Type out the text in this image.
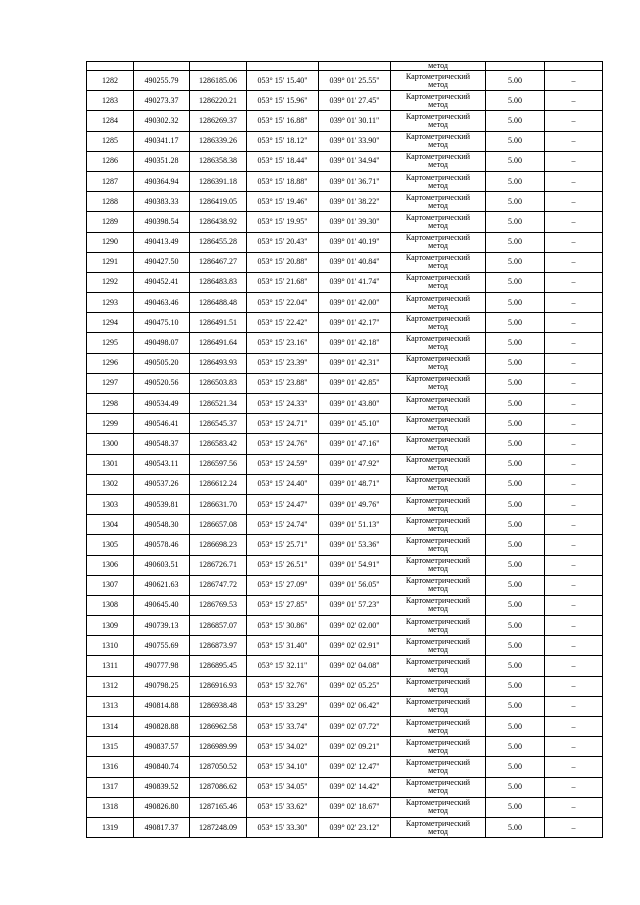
					метод		
1282	490255.79	1286185.06	053° 15' 15.40"	039° 01' 25.55"	Картометрический
метод	5.00	–
1283	490273.37	1286220.21	053° 15' 15.96"	039° 01' 27.45"	Картометрический
метод	5.00	–
1284	490302.32	1286269.37	053° 15' 16.88"	039° 01' 30.11"	Картометрический
метод	5.00	–
1285	490341.17	1286339.26	053° 15' 18.12"	039° 01' 33.90"	Картометрический
метод	5.00	–
1286	490351.28	1286358.38	053° 15' 18.44"	039° 01' 34.94"	Картометрический
метод	5.00	–
1287	490364.94	1286391.18	053° 15' 18.88"	039° 01' 36.71"	Картометрический
метод	5.00	–
1288	490383.33	1286419.05	053° 15' 19.46"	039° 01' 38.22"	Картометрический
метод	5.00	–
1289	490398.54	1286438.92	053° 15' 19.95"	039° 01' 39.30"	Картометрический
метод	5.00	–
1290	490413.49	1286455.28	053° 15' 20.43"	039° 01' 40.19"	Картометрический
метод	5.00	–
1291	490427.50	1286467.27	053° 15' 20.88"	039° 01' 40.84"	Картометрический
метод	5.00	–
1292	490452.41	1286483.83	053° 15' 21.68"	039° 01' 41.74"	Картометрический
метод	5.00	–
1293	490463.46	1286488.48	053° 15' 22.04"	039° 01' 42.00"	Картометрический
метод	5.00	–
1294	490475.10	1286491.51	053° 15' 22.42"	039° 01' 42.17"	Картометрический
метод	5.00	–
1295	490498.07	1286491.64	053° 15' 23.16"	039° 01' 42.18"	Картометрический
метод	5.00	–
1296	490505.20	1286493.93	053° 15' 23.39"	039° 01' 42.31"	Картометрический
метод	5.00	–
1297	490520.56	1286503.83	053° 15' 23.88"	039° 01' 42.85"	Картометрический
метод	5.00	–
1298	490534.49	1286521.34	053° 15' 24.33"	039° 01' 43.80"	Картометрический
метод	5.00	–
1299	490546.41	1286545.37	053° 15' 24.71"	039° 01' 45.10"	Картометрический
метод	5.00	–
1300	490548.37	1286583.42	053° 15' 24.76"	039° 01' 47.16"	Картометрический
метод	5.00	–
1301	490543.11	1286597.56	053° 15' 24.59"	039° 01' 47.92"	Картометрический
метод	5.00	–
1302	490537.26	1286612.24	053° 15' 24.40"	039° 01' 48.71"	Картометрический
метод	5.00	–
1303	490539.81	1286631.70	053° 15' 24.47"	039° 01' 49.76"	Картометрический
метод	5.00	–
1304	490548.30	1286657.08	053° 15' 24.74"	039° 01' 51.13"	Картометрический
метод	5.00	–
1305	490578.46	1286698.23	053° 15' 25.71"	039° 01' 53.36"	Картометрический
метод	5.00	–
1306	490603.51	1286726.71	053° 15' 26.51"	039° 01' 54.91"	Картометрический
метод	5.00	–
1307	490621.63	1286747.72	053° 15' 27.09"	039° 01' 56.05"	Картометрический
метод	5.00	–
1308	490645.40	1286769.53	053° 15' 27.85"	039° 01' 57.23"	Картометрический
метод	5.00	–
1309	490739.13	1286857.07	053° 15' 30.86"	039° 02' 02.00"	Картометрический
метод	5.00	–
1310	490755.69	1286873.97	053° 15' 31.40"	039° 02' 02.91"	Картометрический
метод	5.00	–
1311	490777.98	1286895.45	053° 15' 32.11"	039° 02' 04.08"	Картометрический
метод	5.00	–
1312	490798.25	1286916.93	053° 15' 32.76"	039° 02' 05.25"	Картометрический
метод	5.00	–
1313	490814.88	1286938.48	053° 15' 33.29"	039° 02' 06.42"	Картометрический
метод	5.00	–
1314	490828.88	1286962.58	053° 15' 33.74"	039° 02' 07.72"	Картометрический
метод	5.00	–
1315	490837.57	1286989.99	053° 15' 34.02"	039° 02' 09.21"	Картометрический
метод	5.00	–
1316	490840.74	1287050.52	053° 15' 34.10"	039° 02' 12.47"	Картометрический
метод	5.00	–
1317	490839.52	1287086.62	053° 15' 34.05"	039° 02' 14.42"	Картометрический
метод	5.00	–
1318	490826.80	1287165.46	053° 15' 33.62"	039° 02' 18.67"	Картометрический
метод	5.00	–
1319	490817.37	1287248.09	053° 15' 33.30"	039° 02' 23.12"	Картометрический
метод	5.00	–
